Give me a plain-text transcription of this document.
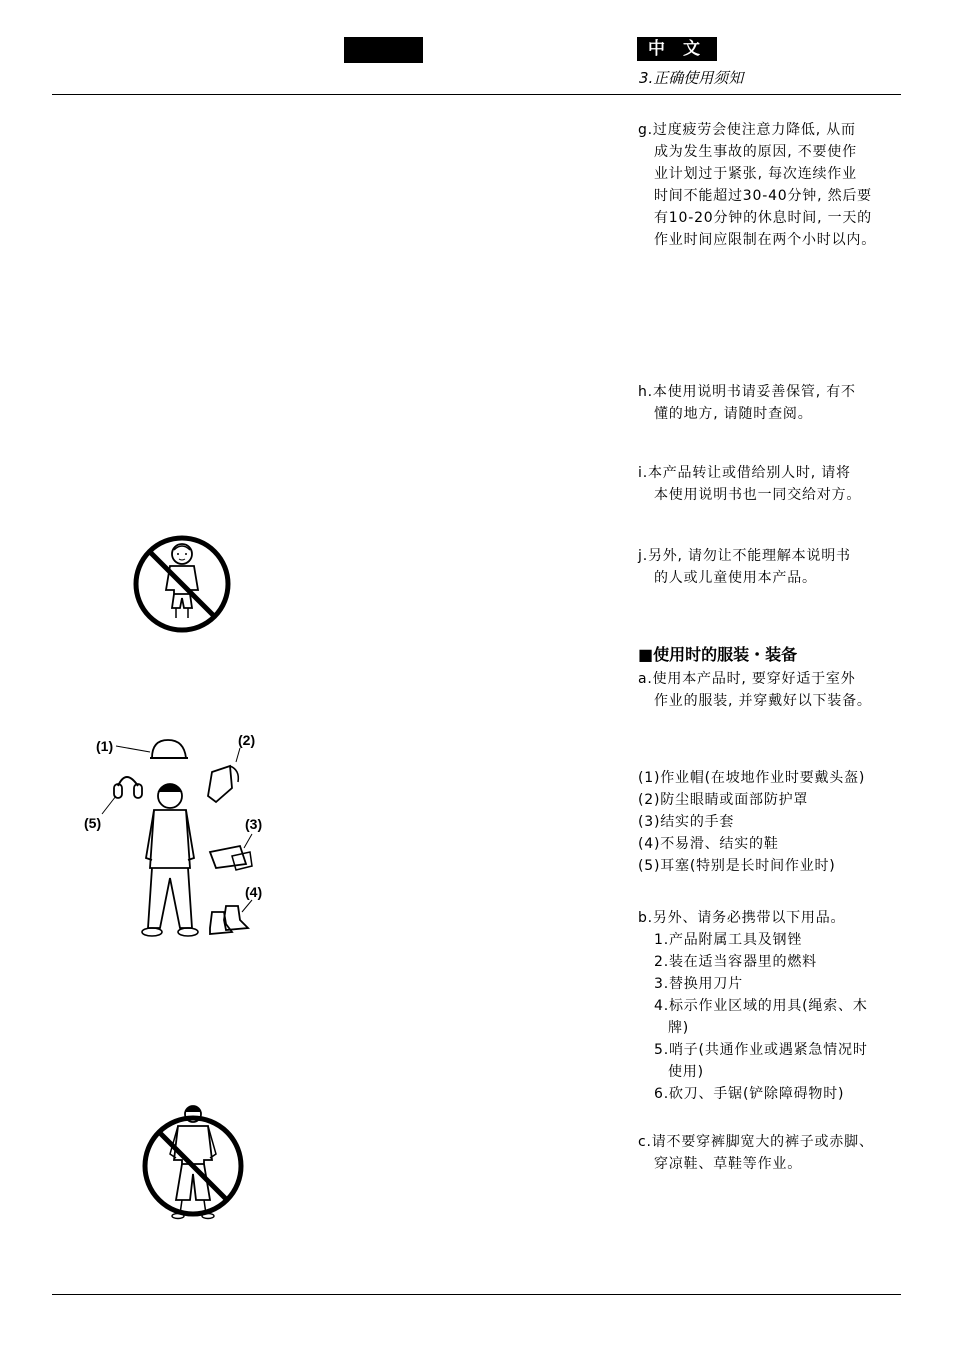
中 文
3.正确使用须知
g.过度疲劳会使注意力降低, 从而
成为发生事故的原因, 不要使作
业计划过于紧张, 每次连续作业
时间不能超过30-40分钟, 然后要
有10-20分钟的休息时间, 一天的
作业时间应限制在两个小时以内。
h.本使用说明书请妥善保管, 有不
懂的地方, 请随时查阅。
i.本产品转让或借给别人时, 请将
本使用说明书也一同交给对方。
j.另外, 请勿让不能理解本说明书
的人或儿童使用本产品。
■使用时的服装・装备
a.使用本产品时, 要穿好适于室外
作业的服装, 并穿戴好以下装备。
(1)作业帽(在坡地作业时要戴头盔)
(2)防尘眼睛或面部防护罩
(3)结实的手套
(4)不易滑、结实的鞋
(5)耳塞(特别是长时间作业时)
b.另外、请务必携带以下用品。
1.产品附属工具及钢锉
2.装在适当容器里的燃料
3.替换用刀片
4.标示作业区域的用具(绳索、木
牌)
5.哨子(共通作业或遇紧急情况时
使用)
6.砍刀、手锯(铲除障碍物时)
c.请不要穿裤脚宽大的裤子或赤脚、
穿凉鞋、草鞋等作业。
(1)	(2)
(5)	(3)
(4)
